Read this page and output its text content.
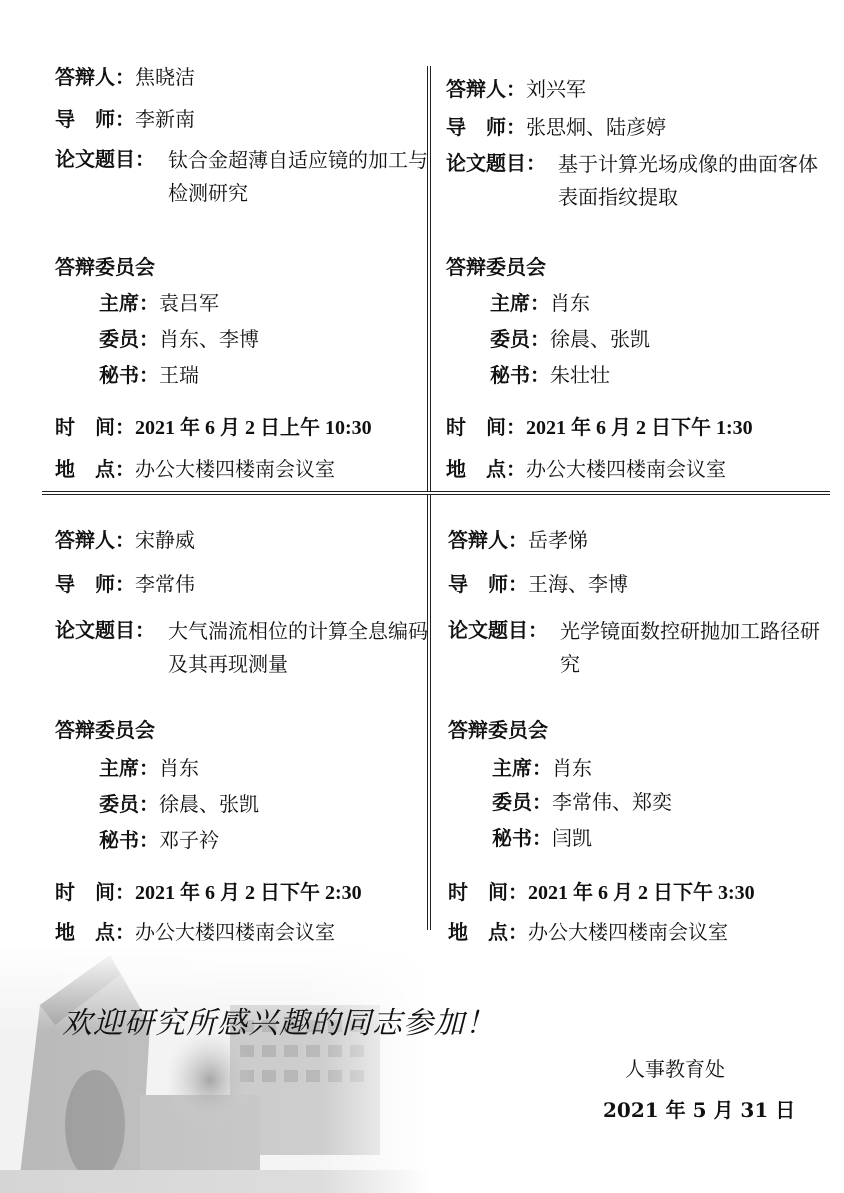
答辩人：焦晓洁
导　师：李新南
论文题目： 钛合金超薄自适应镜的加工与检测研究
答辩委员会
主席：袁吕军
委员：肖东、李博
秘书：王瑞
时　间：2021 年 6 月 2 日上午 10:30
地　点：办公大楼四楼南会议室
答辩人：刘兴军
导　师：张思炯、陆彦婷
论文题目： 基于计算光场成像的曲面客体表面指纹提取
答辩委员会
主席：肖东
委员：徐晨、张凯
秘书：朱壮壮
时　间：2021 年 6 月 2 日下午 1:30
地　点：办公大楼四楼南会议室
答辩人：宋静威
导　师：李常伟
论文题目： 大气湍流相位的计算全息编码及其再现测量
答辩委员会
主席：肖东
委员：徐晨、张凯
秘书：邓子衿
时　间：2021 年 6 月 2 日下午 2:30
地　点：办公大楼四楼南会议室
答辩人：岳孝悌
导　师：王海、李博
论文题目： 光学镜面数控研抛加工路径研究
答辩委员会
主席：肖东
委员：李常伟、郑奕
秘书：闫凯
时　间：2021 年 6 月 2 日下午 3:30
地　点：办公大楼四楼南会议室
欢迎研究所感兴趣的同志参加！
人事教育处
2021 年 5 月 31 日
